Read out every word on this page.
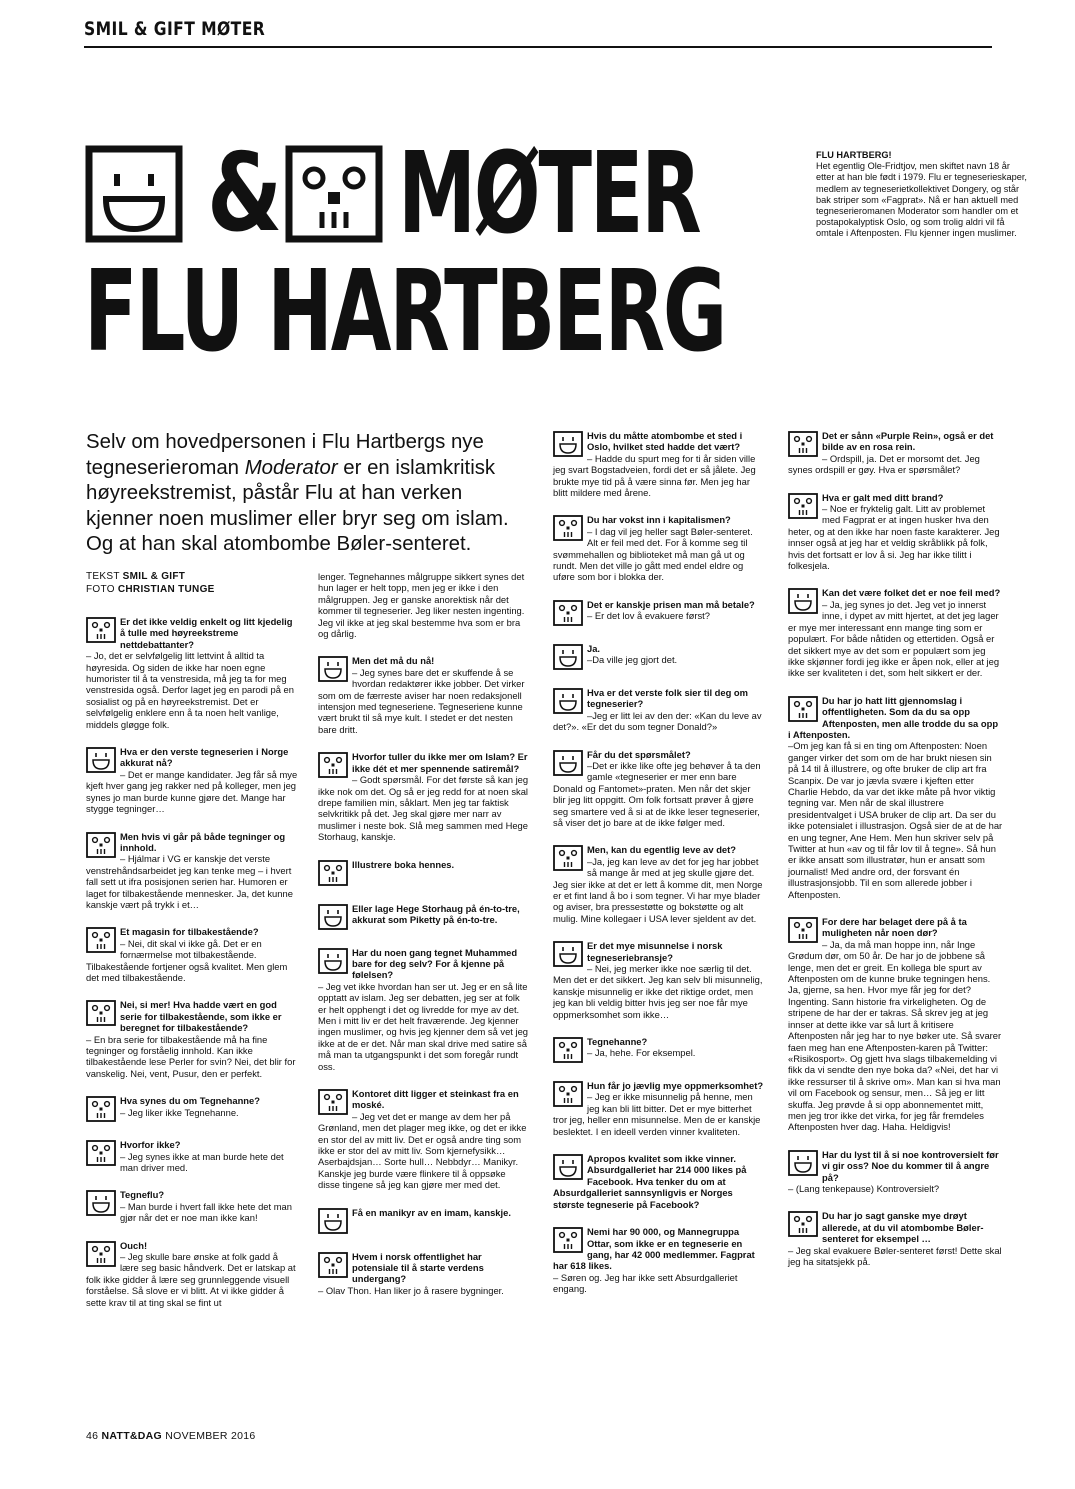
SMIL & GIFT MØTER
& MØTER
FLU HARTBERG
FLU HARTBERG!
Het egentlig Ole-Fridtjov, men skiftet navn 18 år etter at han ble født i 1979. Flu er tegneserieskaper, medlem av tegneserietkollektivet Dongery, og står bak striper som «Fagprat». Nå er han aktuell med tegneserieromanen Moderator som handler om et postapokalyptisk Oslo, og som trolig aldri vil få omtale i Aftenposten. Flu kjenner ingen muslimer.
Selv om hovedpersonen i Flu Hartbergs nye tegneserieroman Moderator er en islamkritisk høyreekstremist, påstår Flu at han verken kjenner noen muslimer eller bryr seg om islam. Og at han skal atombombe Bøler-senteret.
TEKST SMIL & GIFT
FOTO CHRISTIAN TUNGE
Er det ikke veldig enkelt og litt kjedelig å tulle med høyreekstreme nettdebattanter?
– Jo, det er selvfølgelig litt lettvint å alltid ta høyresida. Og siden de ikke har noen egne humorister til å ta venstresida, må jeg ta for meg venstresida også. Derfor laget jeg en parodi på en sosialist og på en høyreekstremist. Det er selvfølgelig enklere enn å ta noen helt vanlige, middels gløgge folk.
Hva er den verste tegneserien i Norge akkurat nå?
– Det er mange kandidater. Jeg får så mye kjeft hver gang jeg rakker ned på kolleger, men jeg synes jo man burde kunne gjøre det. Mange har stygge tegninger…
Men hvis vi går på både tegninger og innhold.
– Hjálmar i VG er kanskje det verste venstrehåndsarbeidet jeg kan tenke meg – i hvert fall sett ut ifra posisjonen serien har. Humoren er laget for tilbakestående mennesker. Ja, det kunne kanskje vært på trykk i et…
Et magasin for tilbakestående?
– Nei, dit skal vi ikke gå. Det er en fornærmelse mot tilbakestående. Tilbakestående fortjener også kvalitet. Men glem det med tilbakestående.
Nei, si mer! Hva hadde vært en god serie for tilbakestående, som ikke er beregnet for tilbakestående?
– En bra serie for tilbakestående må ha fine tegninger og forståelig innhold. Kan ikke tilbakestående lese Perler for svin? Nei, det blir for vanskelig. Nei, vent, Pusur, den er perfekt.
Hva synes du om Tegnehanne?
– Jeg liker ikke Tegnehanne.
Hvorfor ikke?
– Jeg synes ikke at man burde hete det man driver med.
Tegneflu?
– Man burde i hvert fall ikke hete det man gjør når det er noe man ikke kan!
Ouch!
– Jeg skulle bare ønske at folk gadd å lære seg basic håndverk. Det er latskap at folk ikke gidder å lære seg grunnleggende visuell forståelse. Så slove er vi blitt. At vi ikke gidder å sette krav til at ting skal se fint ut
lenger. Tegnehannes målgruppe sikkert synes det hun lager er helt topp, men jeg er ikke i den målgruppen. Jeg er ganske anorektisk når det kommer til tegneserier. Jeg liker nesten ingenting. Jeg vil ikke at jeg skal bestemme hva som er bra og dårlig.
Men det må du nå!
– Jeg synes bare det er skuffende å se hvordan redaktører ikke jobber. Det virker som om de færreste aviser har noen redaksjonell intensjon med tegneseriene. Tegneseriene kunne vært brukt til så mye kult. I stedet er det nesten bare dritt.
Hvorfor tuller du ikke mer om Islam? Er ikke dét et mer spennende satiremål?
– Godt spørsmål. For det første så kan jeg ikke nok om det. Og så er jeg redd for at noen skal drepe familien min, såklart. Men jeg tar faktisk selvkritikk på det. Jeg skal gjøre mer narr av muslimer i neste bok. Slå meg sammen med Hege Storhaug, kanskje.
Illustrere boka hennes.
Eller lage Hege Storhaug på én-to-tre, akkurat som Piketty på én-to-tre.
Har du noen gang tegnet Muhammed bare for deg selv? For å kjenne på følelsen?
– Jeg vet ikke hvordan han ser ut. Jeg er en så lite opptatt av islam. Jeg ser debatten, jeg ser at folk er helt opphengt i det og livredde for mye av det. Men i mitt liv er det helt fraværende. Jeg kjenner ingen muslimer, og hvis jeg kjenner dem så vet jeg ikke at de er det. Når man skal drive med satire så må man ta utgangspunkt i det som foregår rundt oss.
Kontoret ditt ligger et steinkast fra en moské.
– Jeg vet det er mange av dem her på Grønland, men det plager meg ikke, og det er ikke en stor del av mitt liv. Det er også andre ting som ikke er stor del av mitt liv. Som kjernefysikk… Aserbajdsjan… Sorte hull… Nebbdyr… Manikyr. Kanskje jeg burde være flinkere til å oppsøke disse tingene så jeg kan gjøre mer med det.
Få en manikyr av en imam, kanskje.
Hvem i norsk offentlighet har potensiale til å starte verdens undergang?
– Olav Thon. Han liker jo å rasere bygninger.
Hvis du måtte atombombe et sted i Oslo, hvilket sted hadde det vært?
– Hadde du spurt meg for ti år siden ville jeg svart Bogstadveien, fordi det er så jålete. Jeg brukte mye tid på å være sinna før. Men jeg har blitt mildere med årene.
Du har vokst inn i kapitalismen?
– I dag vil jeg heller sagt Bøler-senteret. Alt er feil med det. For å komme seg til svømmehallen og biblioteket må man gå ut og rundt. Men det ville jo gått med endel eldre og uføre som bor i blokka der.
Det er kanskje prisen man må betale?
– Er det lov å evakuere først?
Ja.
–Da ville jeg gjort det.
Hva er det verste folk sier til deg om tegneserier?
–Jeg er litt lei av den der: «Kan du leve av det?». «Er det du som tegner Donald?»
Får du det spørsmålet?
–Det er ikke like ofte jeg behøver å ta den gamle «tegneserier er mer enn bare Donald og Fantomet»-praten. Men når det skjer blir jeg litt oppgitt. Om folk fortsatt prøver å gjøre seg smartere ved å si at de ikke leser tegneserier, så viser det jo bare at de ikke følger med.
Men, kan du egentlig leve av det?
–Ja, jeg kan leve av det for jeg har jobbet så mange år med at jeg skulle gjøre det. Jeg sier ikke at det er lett å komme dit, men Norge er et fint land å bo i som tegner. Vi har mye blader og aviser, bra pressestøtte og bokstøtte og alt mulig. Mine kollegaer i USA lever sjeldent av det.
Er det mye misunnelse i norsk tegneseriebransje?
– Nei, jeg merker ikke noe særlig til det. Men det er det sikkert. Jeg kan selv bli misunnelig, kanskje misunnelig er ikke det riktige ordet, men jeg kan bli veldig bitter hvis jeg ser noe får mye oppmerksomhet som ikke…
Tegnehanne?
– Ja, hehe. For eksempel.
Hun får jo jævlig mye oppmerksomhet?
– Jeg er ikke misunnelig på henne, men jeg kan bli litt bitter. Det er mye bitterhet tror jeg, heller enn misunnelse. Men de er kanskje beslektet. I en ideell verden vinner kvaliteten.
Apropos kvalitet som ikke vinner. Absurdgalleriet har 214 000 likes på Facebook. Hva tenker du om at Absurdgalleriet sannsynligvis er Norges største tegneserie på Facebook?
Nemi har 90 000, og Mannegruppa Ottar, som ikke er en tegneserie en gang, har 42 000 medlemmer. Fagprat har 618 likes.
– Søren og. Jeg har ikke sett Absurdgalleriet engang.
Det er sånn «Purple Rein», også er det bilde av en rosa rein.
– Ordspill, ja. Det er morsomt det. Jeg synes ordspill er gøy. Hva er spørsmålet?
Hva er galt med ditt brand?
– Noe er fryktelig galt. Litt av problemet med Fagprat er at ingen husker hva den heter, og at den ikke har noen faste karakterer. Jeg innser også at jeg har et veldig skråblikk på folk, hvis det fortsatt er lov å si. Jeg har ikke tilitt i folkesjela.
Kan det være folket det er noe feil med?
– Ja, jeg synes jo det. Jeg vet jo innerst inne, i dypet av mitt hjertet, at det jeg lager er mye mer interessant enn mange ting som er populært. For både nåtiden og ettertiden. Også er det sikkert mye av det som er populært som jeg ikke skjønner fordi jeg ikke er åpen nok, eller at jeg ikke ser kvaliteten i det, som helt sikkert er der.
Du har jo hatt litt gjennomslag i offentligheten. Som da du sa opp Aftenposten, men alle trodde du sa opp i Aftenposten.
–Om jeg kan få si en ting om Aftenposten: Noen ganger virker det som om de har brukt niesen sin på 14 til å illustrere, og ofte bruker de clip art fra Scanpix. De var jo jævla svære i kjeften etter Charlie Hebdo, da var det ikke måte på hvor viktig tegning var. Men når de skal illustrere presidentvalget i USA bruker de clip art. Da ser du ikke potensialet i illustrasjon. Også sier de at de har en ung tegner, Ane Hem. Men hun skriver selv på Twitter at hun «av og til får lov til å tegne». Så hun er ikke ansatt som illustratør, hun er ansatt som journalist! Med andre ord, der forsvant én illustrasjonsjobb. Til en som allerede jobber i Aftenposten.
For dere har belaget dere på å ta muligheten når noen dør?
– Ja, da må man hoppe inn, når Inge Grødum dør, om 50 år. De har jo de jobbene så lenge, men det er greit. En kollega ble spurt av Aftenposten om de kunne bruke tegningen hens. Ja, gjerne, sa hen. Hvor mye får jeg for det? Ingenting. Sann historie fra virkeligheten. Og de stripene de har der er takras. Så skrev jeg at jeg innser at dette ikke var så lurt å kritisere Aftenposten når jeg har to nye bøker ute. Så svarer faen meg han ene Aftenposten-karen på Twitter: «Risikosport». Og gjett hva slags tilbakemelding vi fikk da vi sendte den nye boka da? «Nei, det har vi ikke ressurser til å skrive om». Man kan si hva man vil om Facebook og sensur, men… Så jeg er litt skuffa. Jeg prøvde å si opp abonnementet mitt, men jeg tror ikke det virka, for jeg får fremdeles Aftenposten hver dag. Haha. Heldigvis!
Har du lyst til å si noe kontroversielt før vi gir oss? Noe du kommer til å angre på?
– (Lang tenkepause) Kontroversielt?
Du har jo sagt ganske mye drøyt allerede, at du vil atombombe Bøler-senteret for eksempel …
– Jeg skal evakuere Bøler-senteret først! Dette skal jeg ha sitatsjekk på.
46 NATT&DAG NOVEMBER 2016
